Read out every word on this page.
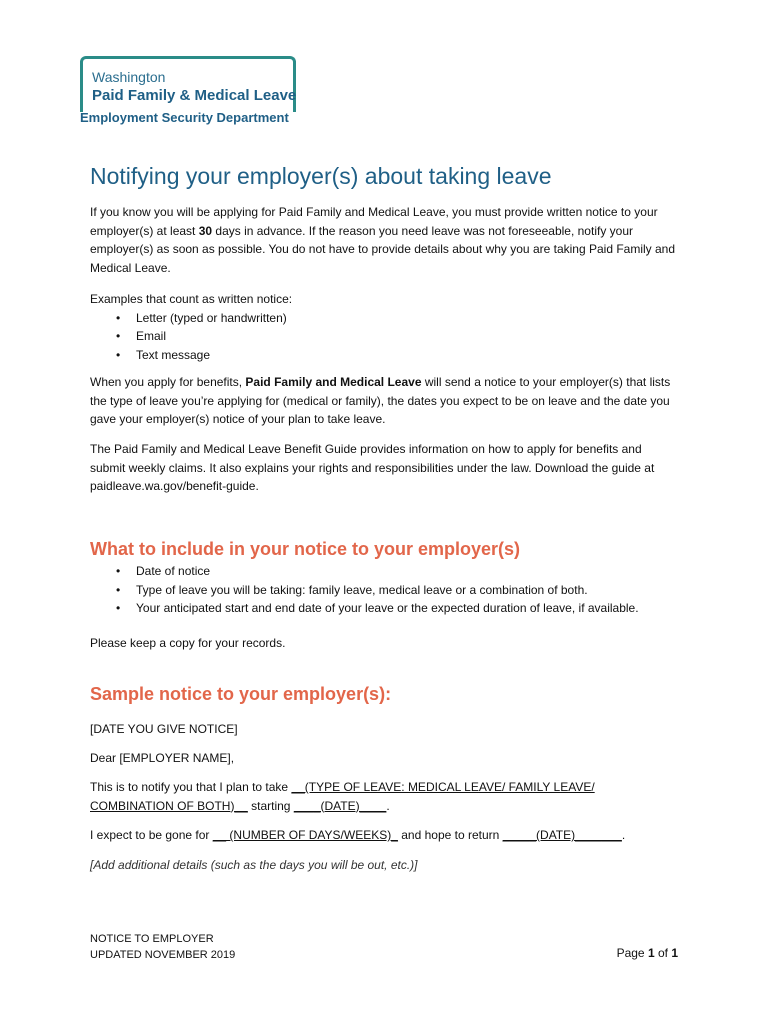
Washington
Paid Family & Medical Leave
Employment Security Department
Notifying your employer(s) about taking leave

If you know you will be applying for Paid Family and Medical Leave, you must provide written notice to your employer(s) at least 30 days in advance. If the reason you need leave was not foreseeable, notify your employer(s) as soon as possible. You do not have to provide details about why you are taking Paid Family and Medical Leave.

Examples that count as written notice:
• Letter (typed or handwritten)
• Email
• Text message

When you apply for benefits, Paid Family and Medical Leave will send a notice to your employer(s) that lists the type of leave you’re applying for (medical or family), the dates you expect to be on leave and the date you gave your employer(s) notice of your plan to take leave.

The Paid Family and Medical Leave Benefit Guide provides information on how to apply for benefits and submit weekly claims. It also explains your rights and responsibilities under the law. Download the guide at paidleave.wa.gov/benefit-guide.

What to include in your notice to your employer(s)
• Date of notice
• Type of leave you will be taking: family leave, medical leave or a combination of both.
• Your anticipated start and end date of your leave or the expected duration of leave, if available.

Please keep a copy for your records.

Sample notice to your employer(s):

[DATE YOU GIVE NOTICE]

Dear [EMPLOYER NAME],

This is to notify you that I plan to take __(TYPE OF LEAVE: MEDICAL LEAVE/ FAMILY LEAVE/ COMBINATION OF BOTH)__ starting ____(DATE)____.

I expect to be gone for __ (NUMBER OF DAYS/WEEKS)_ and hope to return _____(DATE)_______.

[Add additional details (such as the days you will be out, etc.)]

NOTICE TO EMPLOYER
UPDATED NOVEMBER 2019	Page 1 of 1
